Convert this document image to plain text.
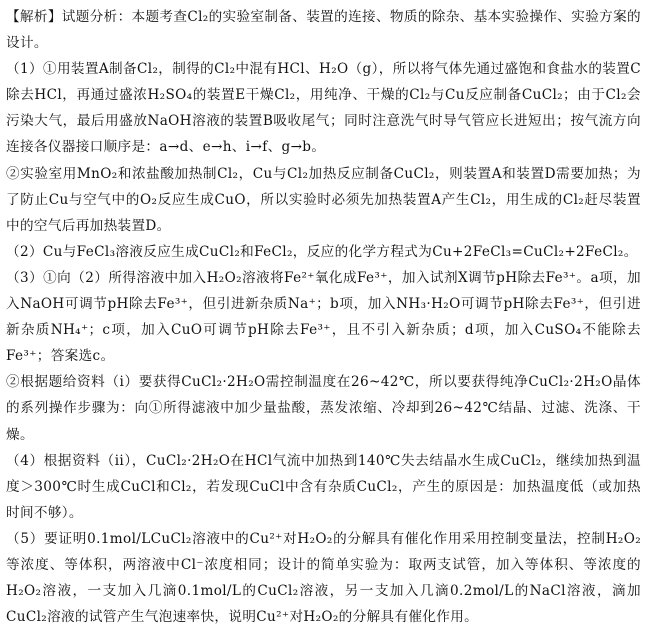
【解析】试题分析：本题考查Cl₂的实验室制备、装置的连接、物质的除杂、基本实验操作、实验方案的设计。

（1）①用装置A制备Cl₂，制得的Cl₂中混有HCl、H₂O（g），所以将气体先通过盛饱和食盐水的装置C除去HCl，再通过盛浓H₂SO₄的装置E干燥Cl₂，用纯净、干燥的Cl₂与Cu反应制备CuCl₂；由于Cl₂会污染大气，最后用盛放NaOH溶液的装置B吸收尾气；同时注意洗气时导气管应长进短出；按气流方向连接各仪器接口顺序是：a→d、e→h、i→f、g→b。

②实验室用MnO₂和浓盐酸加热制Cl₂，Cu与Cl₂加热反应制备CuCl₂，则装置A和装置D需要加热；为了防止Cu与空气中的O₂反应生成CuO，所以实验时必须先加热装置A产生Cl₂，用生成的Cl₂赶尽装置中的空气后再加热装置D。

（2）Cu与FeCl₃溶液反应生成CuCl₂和FeCl₂，反应的化学方程式为Cu+2FeCl₃=CuCl₂+2FeCl₂。

（3）①向（2）所得溶液中加入H₂O₂溶液将Fe²⁺氧化成Fe³⁺，加入试剂X调节pH除去Fe³⁺。a项，加入NaOH可调节pH除去Fe³⁺，但引进新杂质Na⁺；b项，加入NH₃·H₂O可调节pH除去Fe³⁺，但引进新杂质NH₄⁺；c项，加入CuO可调节pH除去Fe³⁺，且不引入新杂质；d项，加入CuSO₄不能除去Fe³⁺；答案选c。

②根据题给资料（i）要获得CuCl₂·2H₂O需控制温度在26~42℃，所以要获得纯净CuCl₂·2H₂O晶体的系列操作步骤为：向①所得滤液中加少量盐酸，蒸发浓缩、冷却到26~42℃结晶、过滤、洗涤、干燥。

（4）根据资料（ii），CuCl₂·2H₂O在HCl气流中加热到140℃失去结晶水生成CuCl₂，继续加热到温度＞300℃时生成CuCl和Cl₂，若发现CuCl中含有杂质CuCl₂，产生的原因是：加热温度低（或加热时间不够）。

（5）要证明0.1mol/LCuCl₂溶液中的Cu²⁺对H₂O₂的分解具有催化作用采用控制变量法，控制H₂O₂等浓度、等体积，两溶液中Cl⁻浓度相同；设计的简单实验为：取两支试管，加入等体积、等浓度的H₂O₂溶液，一支加入几滴0.1mol/L的CuCl₂溶液，另一支加入几滴0.2mol/L的NaCl溶液，滴加CuCl₂溶液的试管产生气泡速率快，说明Cu²⁺对H₂O₂的分解具有催化作用。
